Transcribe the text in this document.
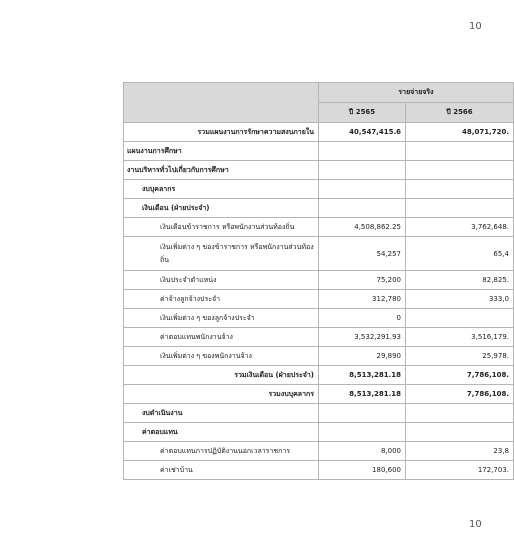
10
	รายจ่ายจริง	
	ปี 2565	ปี 2566
รวมแผนงานการรักษาความสงบภายใน	40,547,415.6	48,071,720.
แผนงานการศึกษา		
งานบริหารทั่วไปเกี่ยวกับการศึกษา		
งบบุคลากร		
เงินเดือน (ฝ่ายประจำ)		
เงินเดือนข้าราชการ หรือพนักงานส่วนท้องถิ่น	4,508,862.25	3,762,648.
เงินเพิ่มต่าง ๆ ของข้าราชการ หรือพนักงานส่วนท้องถิ่น	54,257	65,4
เงินประจำตำแหน่ง	75,200	82,825.
ค่าจ้างลูกจ้างประจำ	312,780	333,0
เงินเพิ่มต่าง ๆ ของลูกจ้างประจำ	0	
ค่าตอบแทนพนักงานจ้าง	3,532,291.93	3,516,179.
เงินเพิ่มต่าง ๆ ของพนักงานจ้าง	29,890	25,978.
รวมเงินเดือน (ฝ่ายประจำ)	8,513,281.18	7,786,108.
รวมงบบุคลากร	8,513,281.18	7,786,108.
งบดำเนินงาน		
ค่าตอบแทน		
ค่าตอบแทนการปฏิบัติงานนอกเวลาราชการ	8,000	23,8
ค่าเช่าบ้าน	180,600	172,703.
10
